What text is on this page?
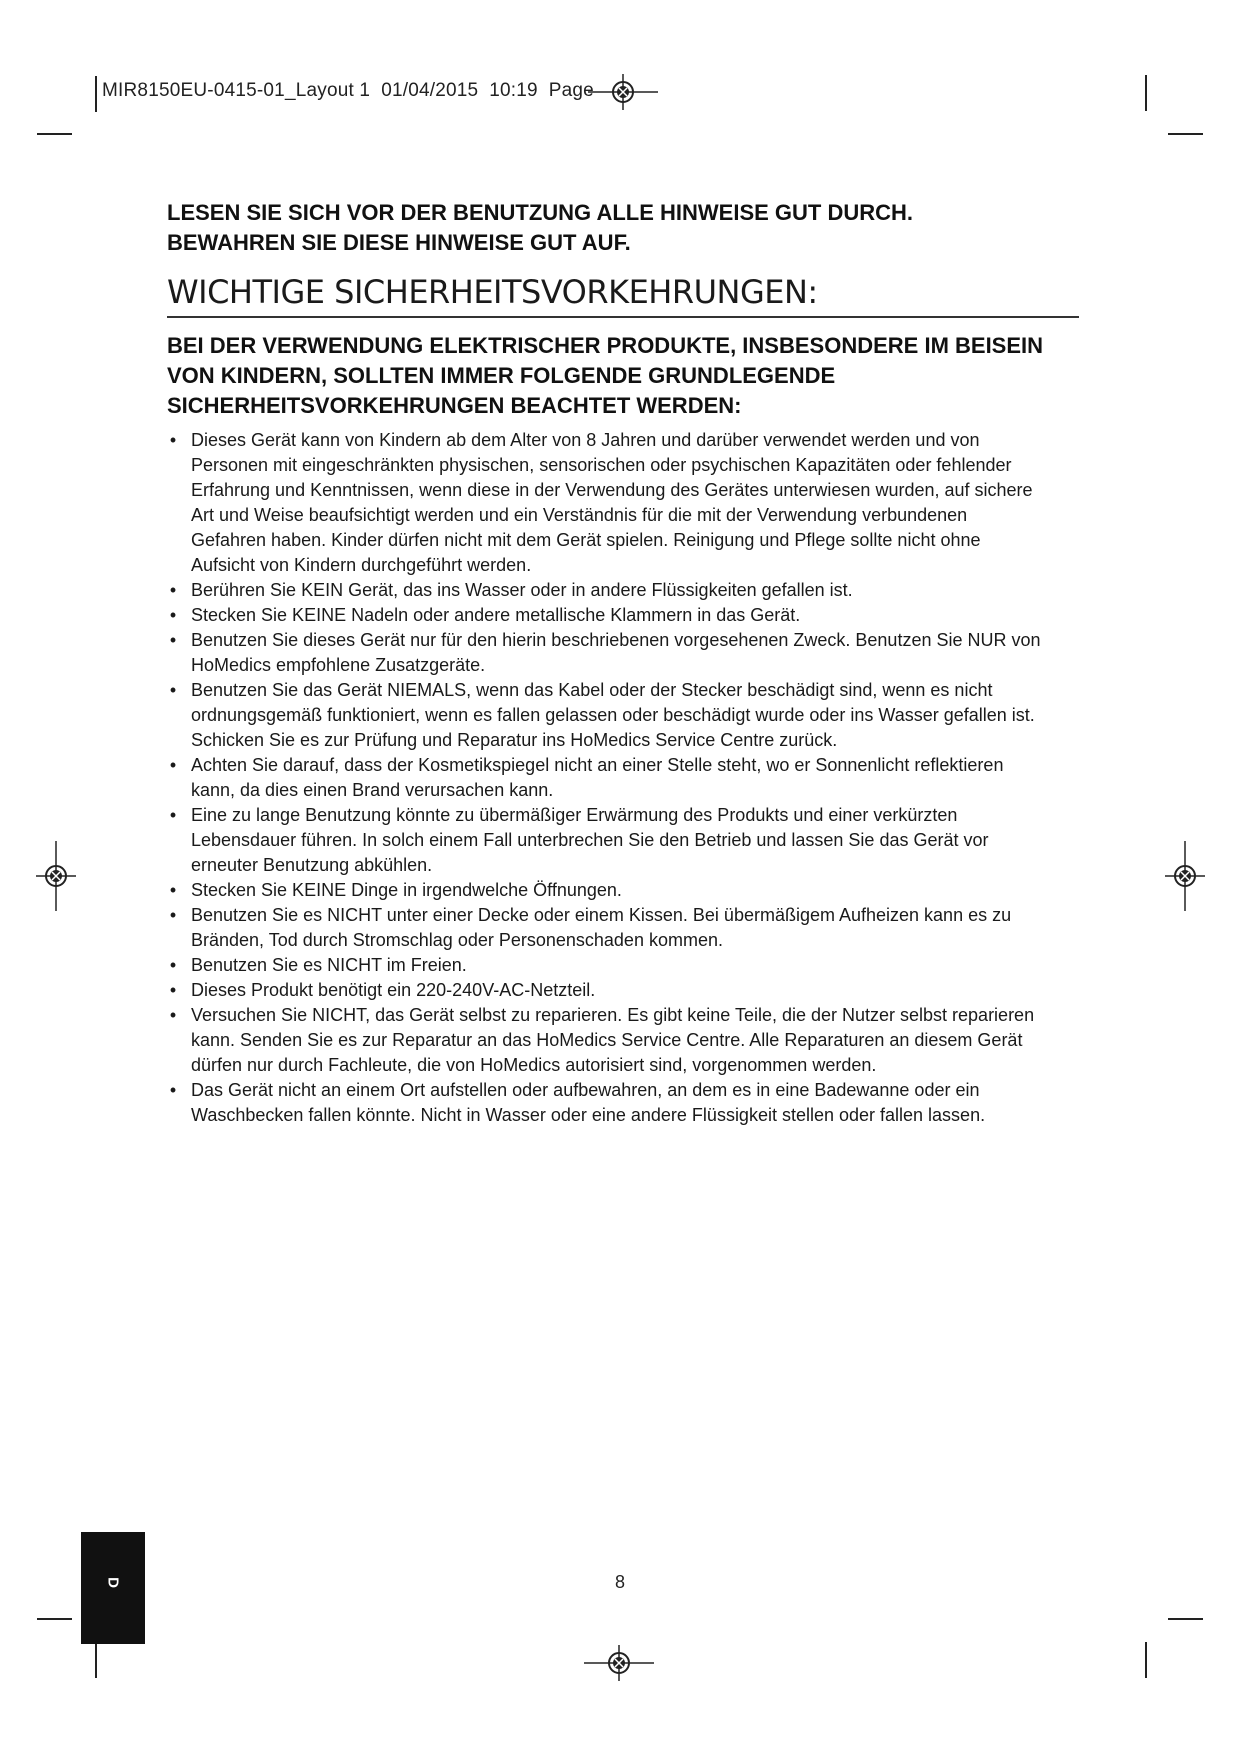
MIR8150EU-0415-01_Layout 1 01/04/2015 10:19 Page
LESEN SIE SICH VOR DER BENUTZUNG ALLE HINWEISE GUT DURCH.
BEWAHREN SIE DIESE HINWEISE GUT AUF.
WICHTIGE SICHERHEITSVORKEHRUNGEN:
BEI DER VERWENDUNG ELEKTRISCHER PRODUKTE, INSBESONDERE IM BEISEIN
VON KINDERN, SOLLTEN IMMER FOLGENDE GRUNDLEGENDE
SICHERHEITSVORKEHRUNGEN BEACHTET WERDEN:
• Dieses Gerät kann von Kindern ab dem Alter von 8 Jahren und darüber verwendet werden und von
Personen mit eingeschränkten physischen, sensorischen oder psychischen Kapazitäten oder fehlender
Erfahrung und Kenntnissen, wenn diese in der Verwendung des Gerätes unterwiesen wurden, auf sichere
Art und Weise beaufsichtigt werden und ein Verständnis für die mit der Verwendung verbundenen
Gefahren haben. Kinder dürfen nicht mit dem Gerät spielen. Reinigung und Pflege sollte nicht ohne
Aufsicht von Kindern durchgeführt werden.
• Berühren Sie KEIN Gerät, das ins Wasser oder in andere Flüssigkeiten gefallen ist.
• Stecken Sie KEINE Nadeln oder andere metallische Klammern in das Gerät.
• Benutzen Sie dieses Gerät nur für den hierin beschriebenen vorgesehenen Zweck. Benutzen Sie NUR von
HoMedics empfohlene Zusatzgeräte.
• Benutzen Sie das Gerät NIEMALS, wenn das Kabel oder der Stecker beschädigt sind, wenn es nicht
ordnungsgemäß funktioniert, wenn es fallen gelassen oder beschädigt wurde oder ins Wasser gefallen ist.
Schicken Sie es zur Prüfung und Reparatur ins HoMedics Service Centre zurück.
• Achten Sie darauf, dass der Kosmetikspiegel nicht an einer Stelle steht, wo er Sonnenlicht reflektieren
kann, da dies einen Brand verursachen kann.
• Eine zu lange Benutzung könnte zu übermäßiger Erwärmung des Produkts und einer verkürzten
Lebensdauer führen. In solch einem Fall unterbrechen Sie den Betrieb und lassen Sie das Gerät vor
erneuter Benutzung abkühlen.
• Stecken Sie KEINE Dinge in irgendwelche Öffnungen.
• Benutzen Sie es NICHT unter einer Decke oder einem Kissen. Bei übermäßigem Aufheizen kann es zu
Bränden, Tod durch Stromschlag oder Personenschaden kommen.
• Benutzen Sie es NICHT im Freien.
• Dieses Produkt benötigt ein 220-240V-AC-Netzteil.
• Versuchen Sie NICHT, das Gerät selbst zu reparieren. Es gibt keine Teile, die der Nutzer selbst reparieren
kann. Senden Sie es zur Reparatur an das HoMedics Service Centre. Alle Reparaturen an diesem Gerät
dürfen nur durch Fachleute, die von HoMedics autorisiert sind, vorgenommen werden.
• Das Gerät nicht an einem Ort aufstellen oder aufbewahren, an dem es in eine Badewanne oder ein
Waschbecken fallen könnte. Nicht in Wasser oder eine andere Flüssigkeit stellen oder fallen lassen.
D	8
